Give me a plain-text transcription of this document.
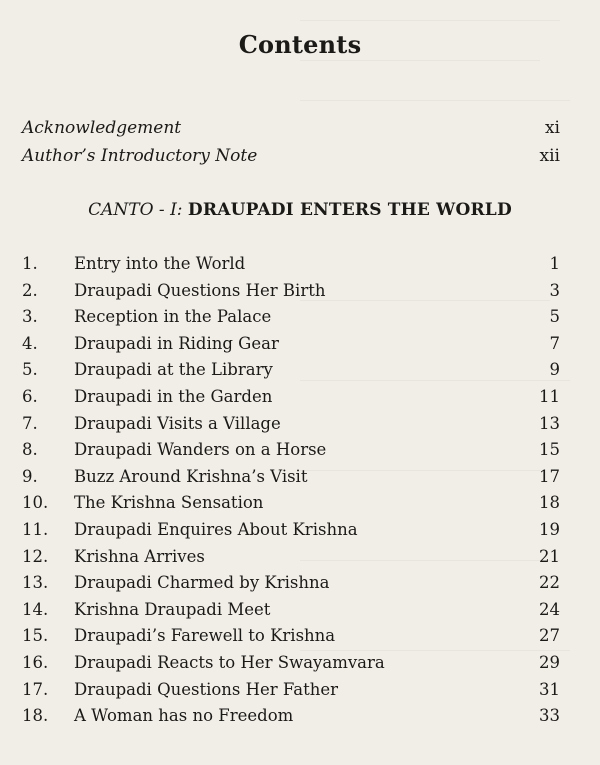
Contents
Acknowledgement	xi
Author’s Introductory Note	xii
CANTO - I: DRAUPADI ENTERS THE WORLD
1. Entry into the World	1
2. Draupadi Questions Her Birth	3
3. Reception in the Palace	5
4. Draupadi in Riding Gear	7
5. Draupadi at the Library	9
6. Draupadi in the Garden	11
7. Draupadi Visits a Village	13
8. Draupadi Wanders on a Horse	15
9. Buzz Around Krishna’s Visit	17
10. The Krishna Sensation	18
11. Draupadi Enquires About Krishna	19
12. Krishna Arrives	21
13. Draupadi Charmed by Krishna	22
14. Krishna Draupadi Meet	24
15. Draupadi’s Farewell to Krishna	27
16. Draupadi Reacts to Her Swayamvara	29
17. Draupadi Questions Her Father	31
18. A Woman has no Freedom	33
